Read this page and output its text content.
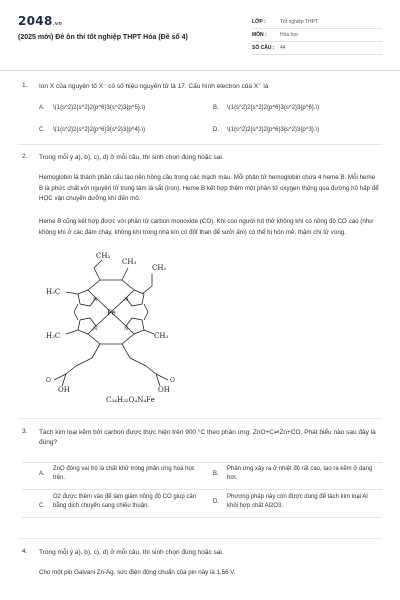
2048.vn
(2025 mới) Đề ôn thi tốt nghiệp THPT Hóa (Đề số 4)
LỚP :	Tốt nghiệp THPT
MÔN :	Hóa học
SỐ CÂU :	44
1. Ion X của nguyên tố X⁻ có số hiệu nguyên tử là 17. Cấu hình electron của X⁻ là
A. \(1{s^2}2{s^2}2{p^6}3{s^2}3{p^5}.\)	B. \(1{s^2}2{s^2}2{p^6}3{s^2}3{p^6}.\)
C. \(1{s^2}2{s^2}2{p^6}3{s^2}3{p^4}.\)	D. \(1{s^2}2{s^2}2{p^6}3{s^2}3{p^3}.\)
2. Trong mỗi ý a), b), c), d) ở mỗi câu, thí sinh chọn đúng hoặc sai.
Hemoglobin là thành phần cấu tạo nên hồng cầu trong các mạch máu. Mỗi phân tử hemoglobin chứa 4 heme B. Mỗi heme B là phức chất với nguyên tử trung tâm là sắt (iron). Heme B kết hợp thêm một phân tử oxygen thông qua đường hô hấp để HỌC vận chuyển dưỡng khí đến mô.
Heme B cũng kết hợp được với phân tử carbon monoxide (CO). Khi con người hít thở không khí có nồng độ CO cao (như không khí ở các đám cháy, không khí trong nhà kín có đốt than để sưởi ấm) có thể bị hôn mê, thậm chí tử vong.
CH₂
CH₃
CH₂
H₃C
Fe
N	N
N	N
H₃C	CH₃
O
OH
O
OH
C₃₄H₃₂O₄N₄Fe
3. Tách kim loại kẽm bởi carbon được thực hiện trên 900 °C theo phản ứng: ZnO+C⇌Zn+CO. Phát biểu nào sau đây là đúng?
A.
ZnO đóng vai trò là chất khử trong phản ứng hoá học trên.
B.
Phản ứng xảy ra ở nhiệt độ rất cao, tạo ra kẽm ở dạng hơi.
C.
O2 được thêm vào để làm giảm nồng độ CO giúp cân bằng dịch chuyển sang chiều thuận.
D.
Phương pháp này còn được dùng để tách kim loại Al khỏi hợp chất Al2O3.
4. Trong mỗi ý a), b), c), d) ở mỗi câu, thí sinh chọn đúng hoặc sai.
Cho một pin Galvani Zn-Ag, sức điện động chuẩn của pin này là 1,56 V.
